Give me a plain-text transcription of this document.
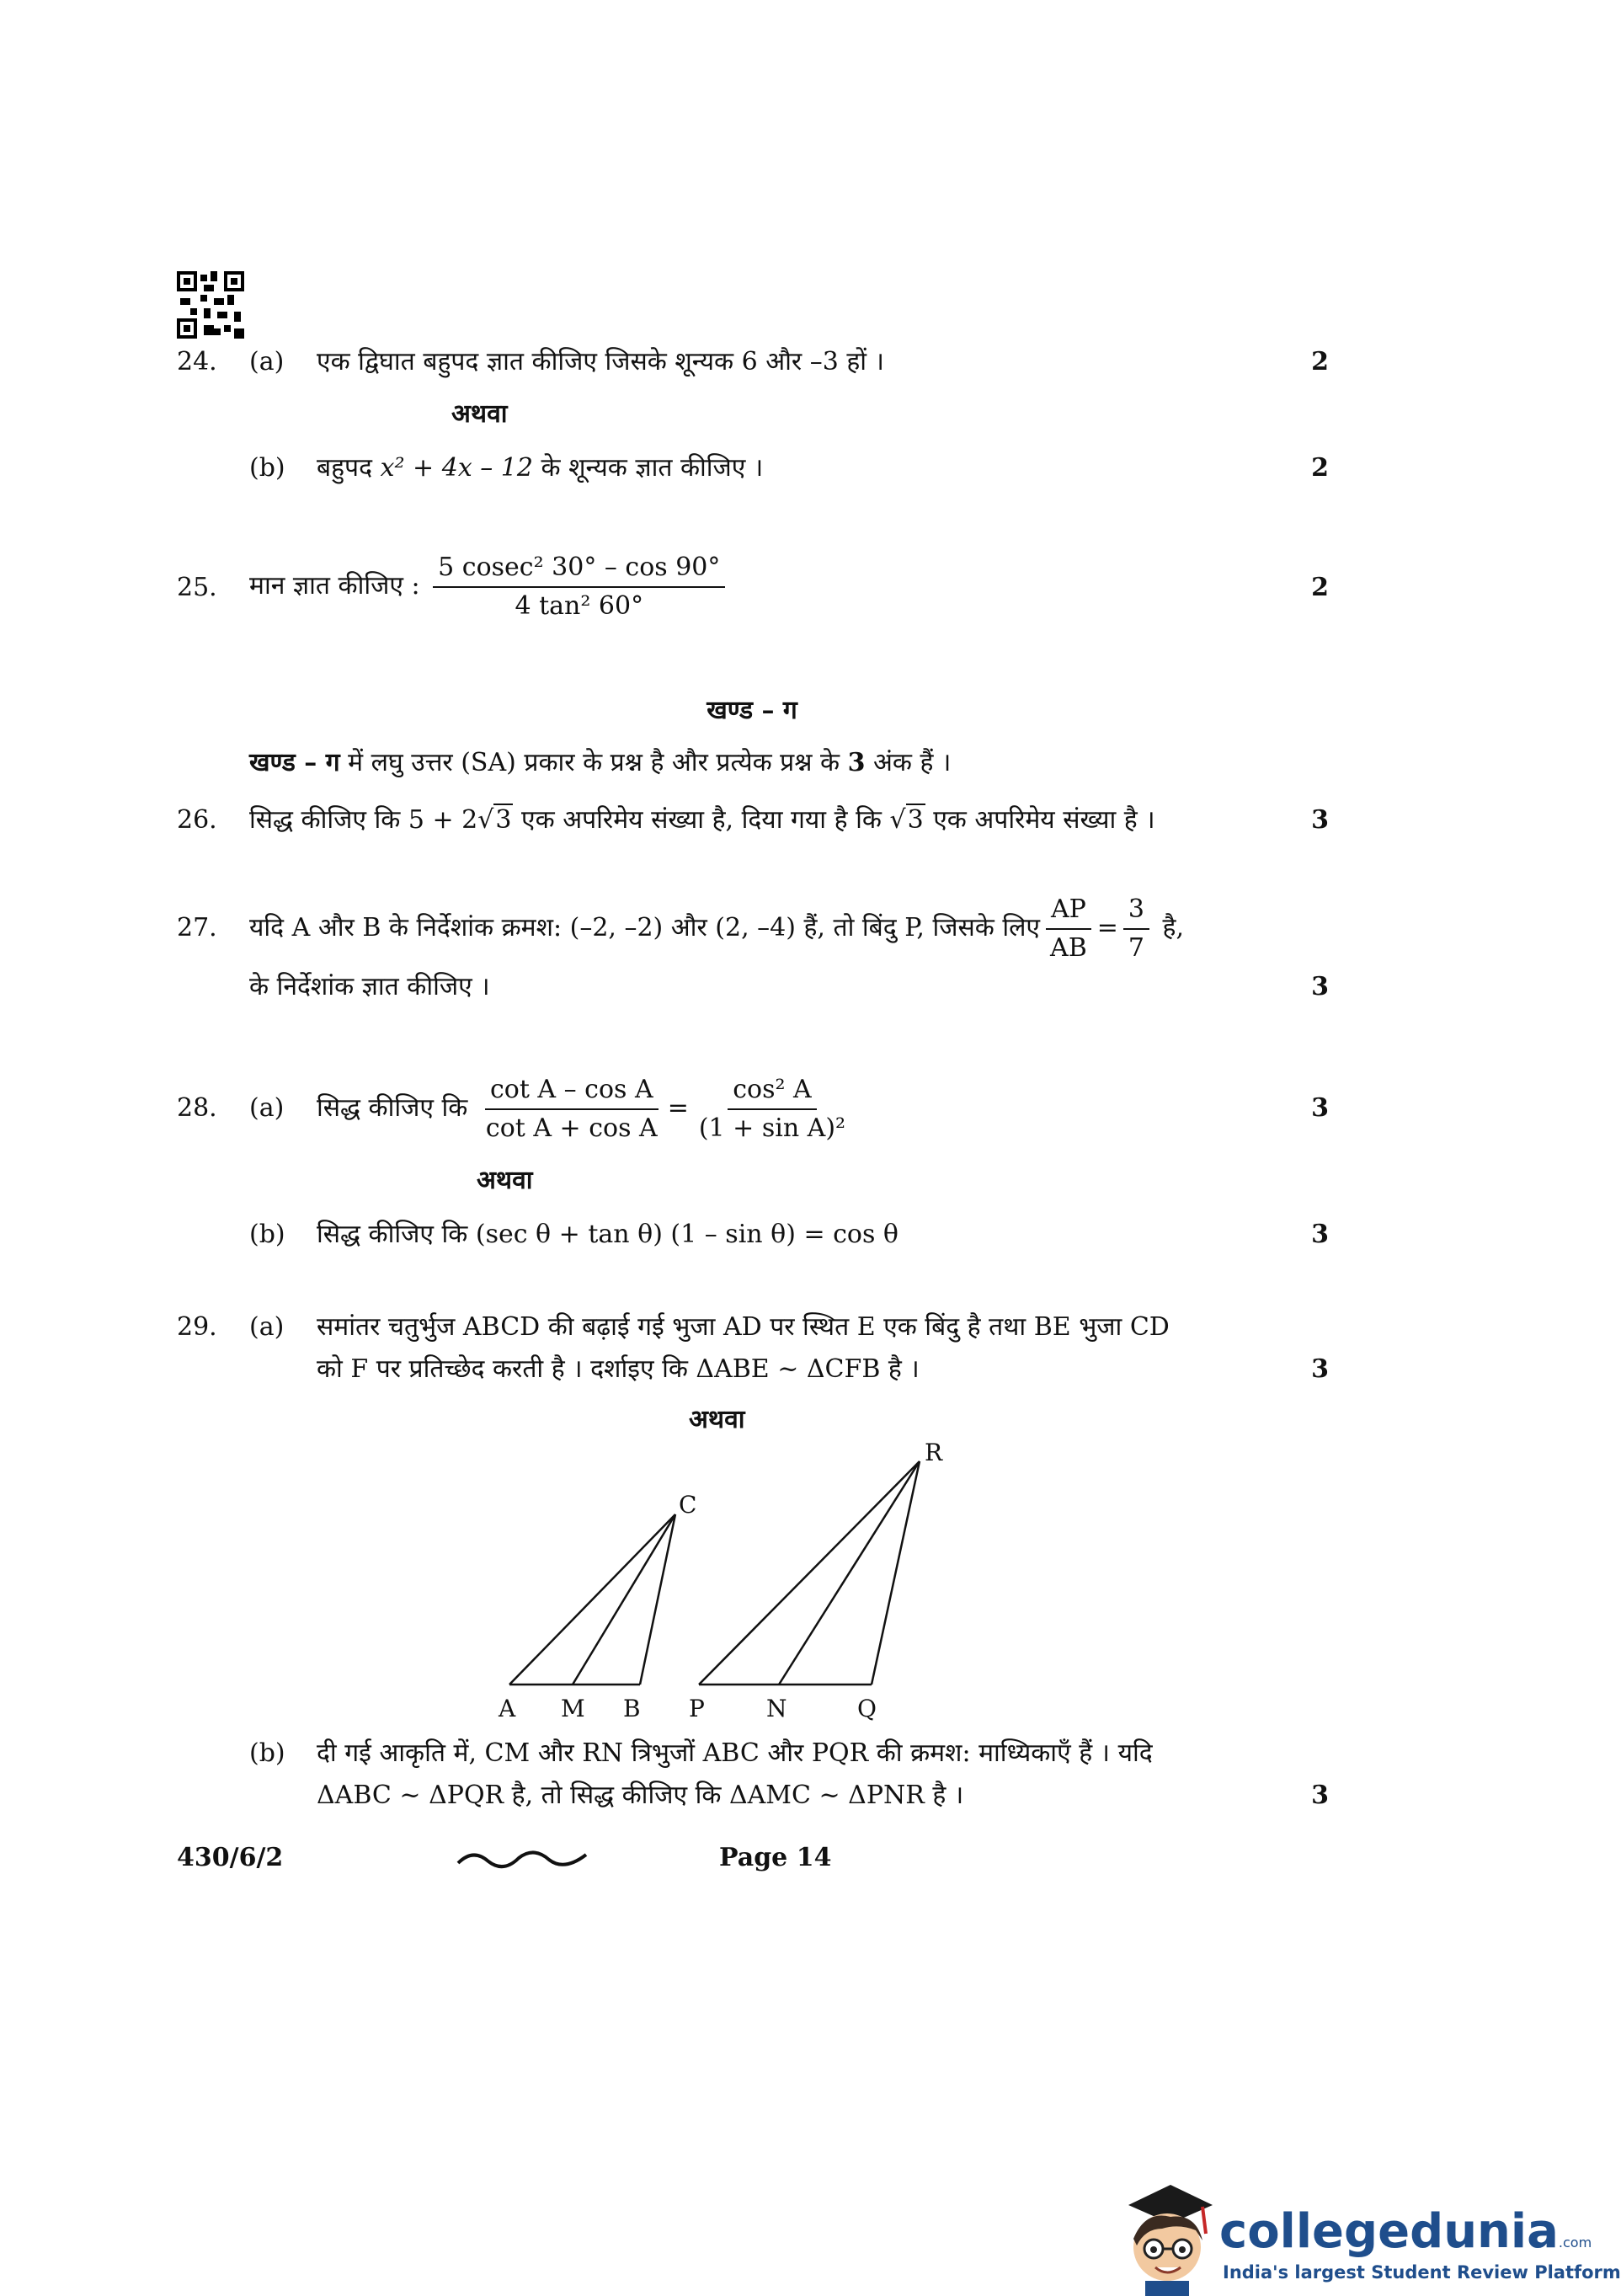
24. (a) एक द्विघात बहुपद ज्ञात कीजिए जिसके शून्यक 6 और –3 हों ।	2
अथवा
(b) बहुपद x² + 4x – 12 के शून्यक ज्ञात कीजिए ।	2
25. मान ज्ञात कीजिए : $\frac{\text{5 cosec² 30° – cos 90°}}{\text{4 tan² 60°}}$	2
खण्ड – ग
खण्ड – ग में लघु उत्तर (SA) प्रकार के प्रश्न है और प्रत्येक प्रश्न के 3 अंक हैं ।
26. सिद्ध कीजिए कि 5 + 2√3 एक अपरिमेय संख्या है, दिया गया है कि √3 एक अपरिमेय संख्या है ।	3
27. यदि A और B के निर्देशांक क्रमश: (–2, –2) और (2, –4) हैं, तो बिंदु P, जिसके लिए $\frac{AP}{AB} = \frac{3}{7}$ है,
के निर्देशांक ज्ञात कीजिए ।	3
28. (a) सिद्ध कीजिए कि $\frac{\text{cot A – cos A}}{\text{cot A + cos A}} = \frac{\text{cos² A}}{\text{(1 + sin A)²}}$	3
अथवा
(b) सिद्ध कीजिए कि (sec θ + tan θ) (1 – sin θ) = cos θ	3
29. (a) समांतर चतुर्भुज ABCD की बढ़ाई गई भुजा AD पर स्थित E एक बिंदु है तथा BE भुजा CD
को F पर प्रतिच्छेद करती है । दर्शाइए कि ΔABE ~ ΔCFB है ।	3
अथवा
A M B
C
P	N	Q
R
(b) दी गई आकृति में, CM और RN त्रिभुजों ABC और PQR की क्रमश: माध्यिकाएँ हैं । यदि
ΔABC ~ ΔPQR है, तो सिद्ध कीजिए कि ΔAMC ~ ΔPNR है ।	3
430/6/2	Page 14
collegedunia.com
India's largest Student Review Platform
